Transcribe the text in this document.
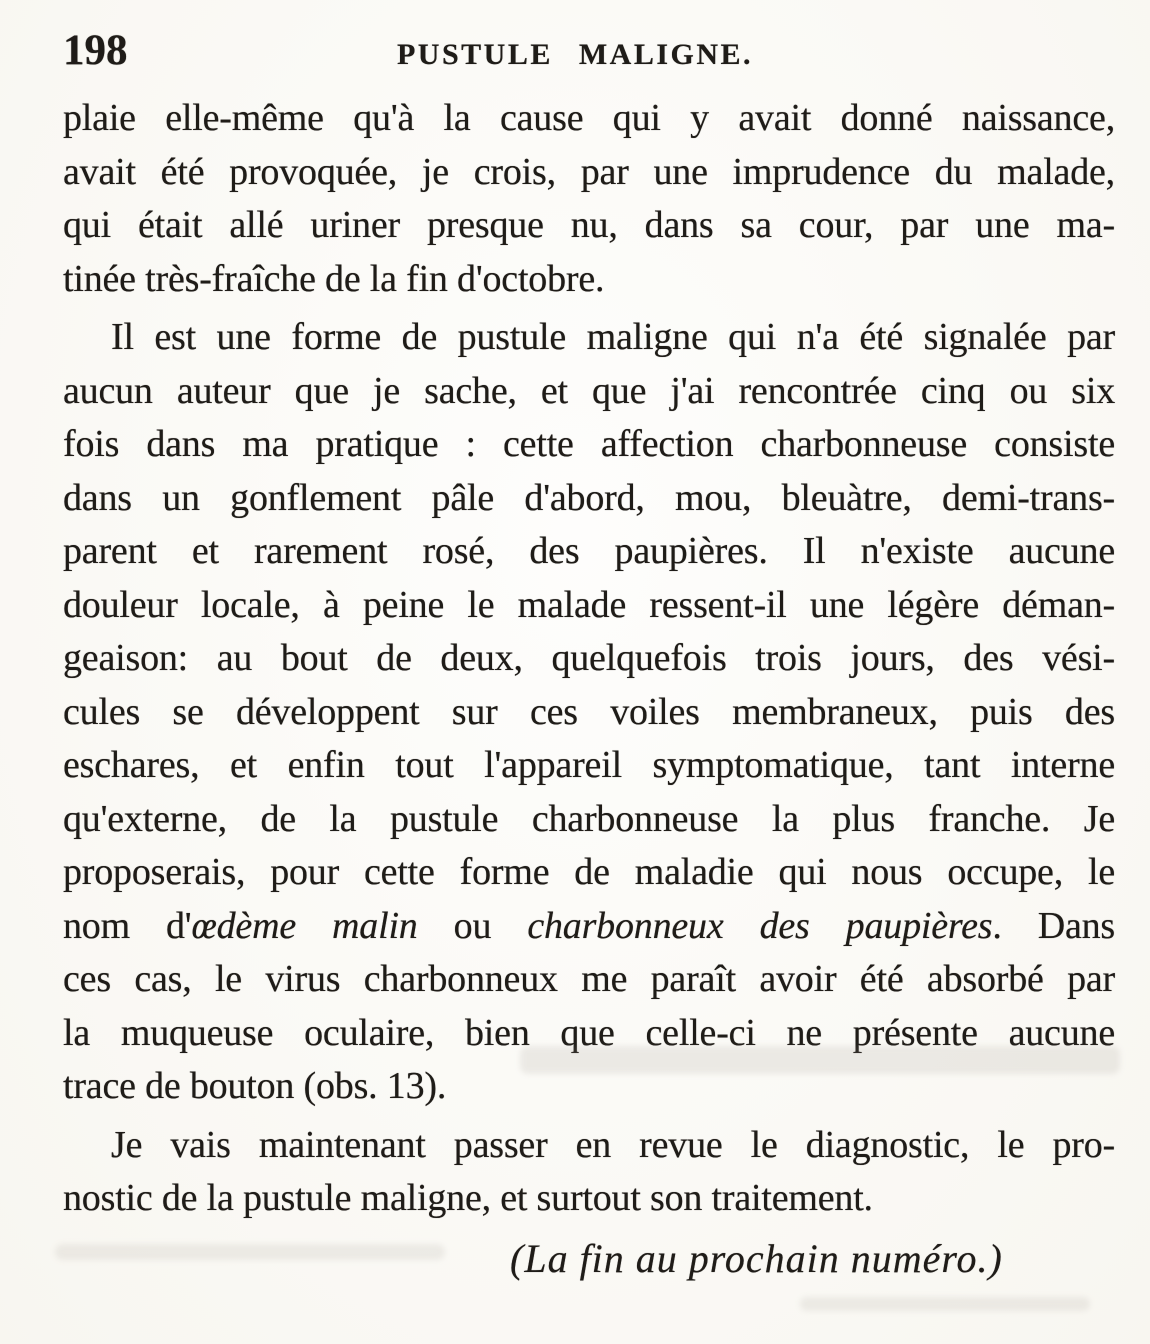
198	PUSTULE MALIGNE.
plaie elle-même qu'à la cause qui y avait donné naissance,
avait été provoquée, je crois, par une imprudence du malade,
qui était allé uriner presque nu, dans sa cour, par une ma-
tinée très-fraîche de la fin d'octobre.
Il est une forme de pustule maligne qui n'a été signalée par
aucun auteur que je sache, et que j'ai rencontrée cinq ou six
fois dans ma pratique : cette affection charbonneuse consiste
dans un gonflement pâle d'abord, mou, bleuàtre, demi-trans-
parent et rarement rosé, des paupières. Il n'existe aucune
douleur locale, à peine le malade ressent-il une légère déman-
geaison: au bout de deux, quelquefois trois jours, des vési-
cules se développent sur ces voiles membraneux, puis des
eschares, et enfin tout l'appareil symptomatique, tant interne
qu'externe, de la pustule charbonneuse la plus franche. Je
proposerais, pour cette forme de maladie qui nous occupe, le
nom d'œdème malin ou charbonneux des paupières. Dans
ces cas, le virus charbonneux me paraît avoir été absorbé par
la muqueuse oculaire, bien que celle-ci ne présente aucune
trace de bouton (obs. 13).
Je vais maintenant passer en revue le diagnostic, le pro-
nostic de la pustule maligne, et surtout son traitement.
(La fin au prochain numéro.)
